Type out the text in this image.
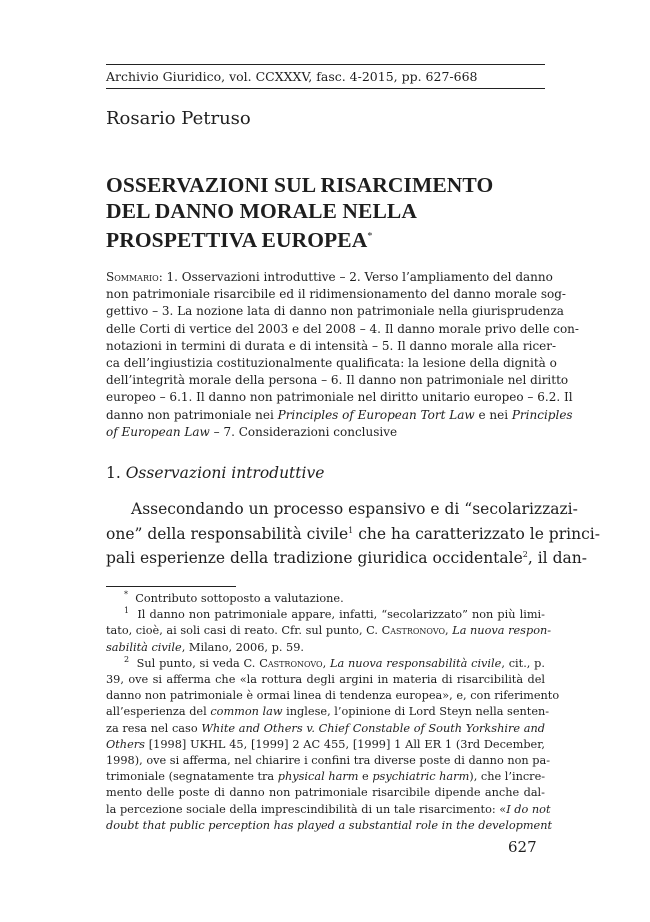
Archivio Giuridico, vol. CCXXXV, fasc. 4-2015, pp. 627-668
Rosario Petruso
OSSERVAZIONI SUL RISARCIMENTO
DEL DANNO MORALE NELLA
PROSPETTIVA EUROPEA*
Sommario: 1. Osservazioni introduttive – 2. Verso l’ampliamento del danno
non patrimoniale risarcibile ed il ridimensionamento del danno morale sog-
gettivo – 3. La nozione lata di danno non patrimoniale nella giurisprudenza
delle Corti di vertice del 2003 e del 2008 – 4. Il danno morale privo delle con-
notazioni in termini di durata e di intensità – 5. Il danno morale alla ricer-
ca dell’ingiustizia costituzionalmente qualificata: la lesione della dignità o
dell’integrità morale della persona – 6. Il danno non patrimoniale nel diritto
europeo – 6.1. Il danno non patrimoniale nel diritto unitario europeo – 6.2. Il
danno non patrimoniale nei Principles of European Tort Law e nei Principles
of European Law – 7. Considerazioni conclusive
1. Osservazioni introduttive
Assecondando un processo espansivo e di “secolarizzazi-
one” della responsabilità civile$^1$ che ha caratterizzato le princi-
pali esperienze della tradizione giuridica occidentale$^2$, il dan-
* Contributo sottoposto a valutazione.
$^1$ Il danno non patrimoniale appare, infatti, “secolarizzato” non più limi-
tato, cioè, ai soli casi di reato. Cfr. sul punto, C. Castronovo, La nuova respon-
sabilità civile, Milano, 2006, p. 59.
$^2$ Sul punto, si veda C. Castronovo, La nuova responsabilità civile, cit., p.
39, ove si afferma che «la rottura degli argini in materia di risarcibilità del
danno non patrimoniale è ormai linea di tendenza europea», e, con riferimento
all’esperienza del common law inglese, l’opinione di Lord Steyn nella senten-
za resa nel caso White and Others v. Chief Constable of South Yorkshire and
Others [1998] UKHL 45, [1999] 2 AC 455, [1999] 1 All ER 1 (3rd December,
1998), ove si afferma, nel chiarire i confini tra diverse poste di danno non pa-
trimoniale (segnatamente tra physical harm e psychiatric harm), che l’incre-
mento delle poste di danno non patrimoniale risarcibile dipende anche dal-
la percezione sociale della imprescindibilità di un tale risarcimento: «I do not
doubt that public perception has played a substantial role in the development
627
